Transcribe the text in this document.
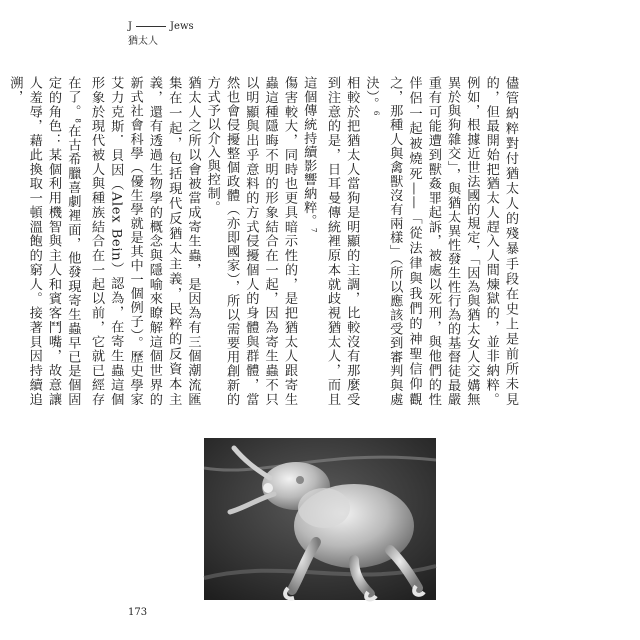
J	Jews
猶太人

儘管納粹對付猶太人的殘暴手段在史上是前所未見的，但最開始把猶太人趕入人間煉獄的，並非納粹。例如，根據近世法國的規定，「因為與猶太女人交媾無異於與狗雜交」，與猶太異性發生性行為的基督徒最嚴重有可能遭到獸姦罪起訴，被處以死刑，與他們的性伴侶一起被燒死——「從法律與我們的神聖信仰觀之，那種人與禽獸沒有兩樣」（所以應該受到審判與處決）。$^6$

相較於把猶太人當狗是明顯的主調，比較沒有那麼受到注意的是，日耳曼傳統裡原本就歧視猶太人，而且這個傳統持續影響納粹。$^7$

傷害較大，同時也更具暗示性的，是把猶太人跟寄生蟲這種隱晦不明的形象結合在一起，因為寄生蟲不只以明顯與出乎意料的方式侵擾個人的身體與群體，當然也會侵擾整個政體（亦即國家），所以需要用創新的方式予以介入與控制。

猶太人之所以會被當成寄生蟲，是因為有三個潮流匯集在一起，包括現代反猶太主義，民粹的反資本主義，還有透過生物學的概念與隱喻來瞭解這個世界的新式社會科學（優生學就是其中一個例子）。歷史學家艾力克斯．貝因（Alex Bein）認為，在寄生蟲這個形象於現代被人與種族結合在一起以前，它就已經存在了。$^8$在古希臘喜劇裡面，他發現寄生蟲早已是個固定的角色：某個利用機智與主人和賓客鬥嘴，故意讓人羞辱，藉此換取一頓溫飽的窮人。接著貝因持續追溯，

173
